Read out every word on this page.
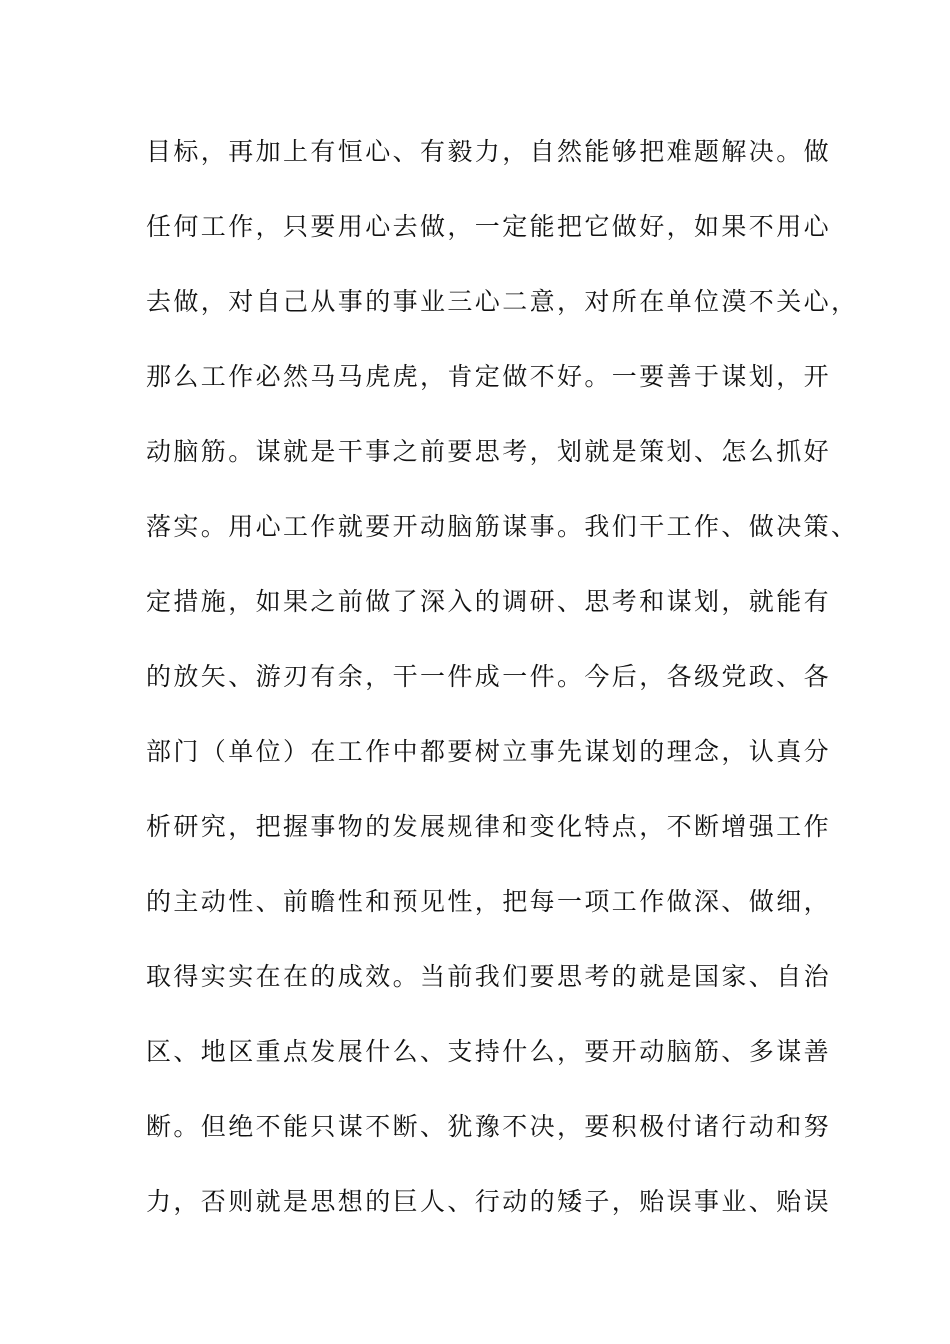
目标，再加上有恒心、有毅力，自然能够把难题解决。做
任何工作，只要用心去做，一定能把它做好，如果不用心
去做，对自己从事的事业三心二意，对所在单位漠不关心，
那么工作必然马马虎虎，肯定做不好。一要善于谋划，开
动脑筋。谋就是干事之前要思考，划就是策划、怎么抓好
落实。用心工作就要开动脑筋谋事。我们干工作、做决策、
定措施，如果之前做了深入的调研、思考和谋划，就能有
的放矢、游刃有余，干一件成一件。今后，各级党政、各
部门（单位）在工作中都要树立事先谋划的理念，认真分
析研究，把握事物的发展规律和变化特点，不断增强工作
的主动性、前瞻性和预见性，把每一项工作做深、做细，
取得实实在在的成效。当前我们要思考的就是国家、自治
区、地区重点发展什么、支持什么，要开动脑筋、多谋善
断。但绝不能只谋不断、犹豫不决，要积极付诸行动和努
力，否则就是思想的巨人、行动的矮子，贻误事业、贻误
